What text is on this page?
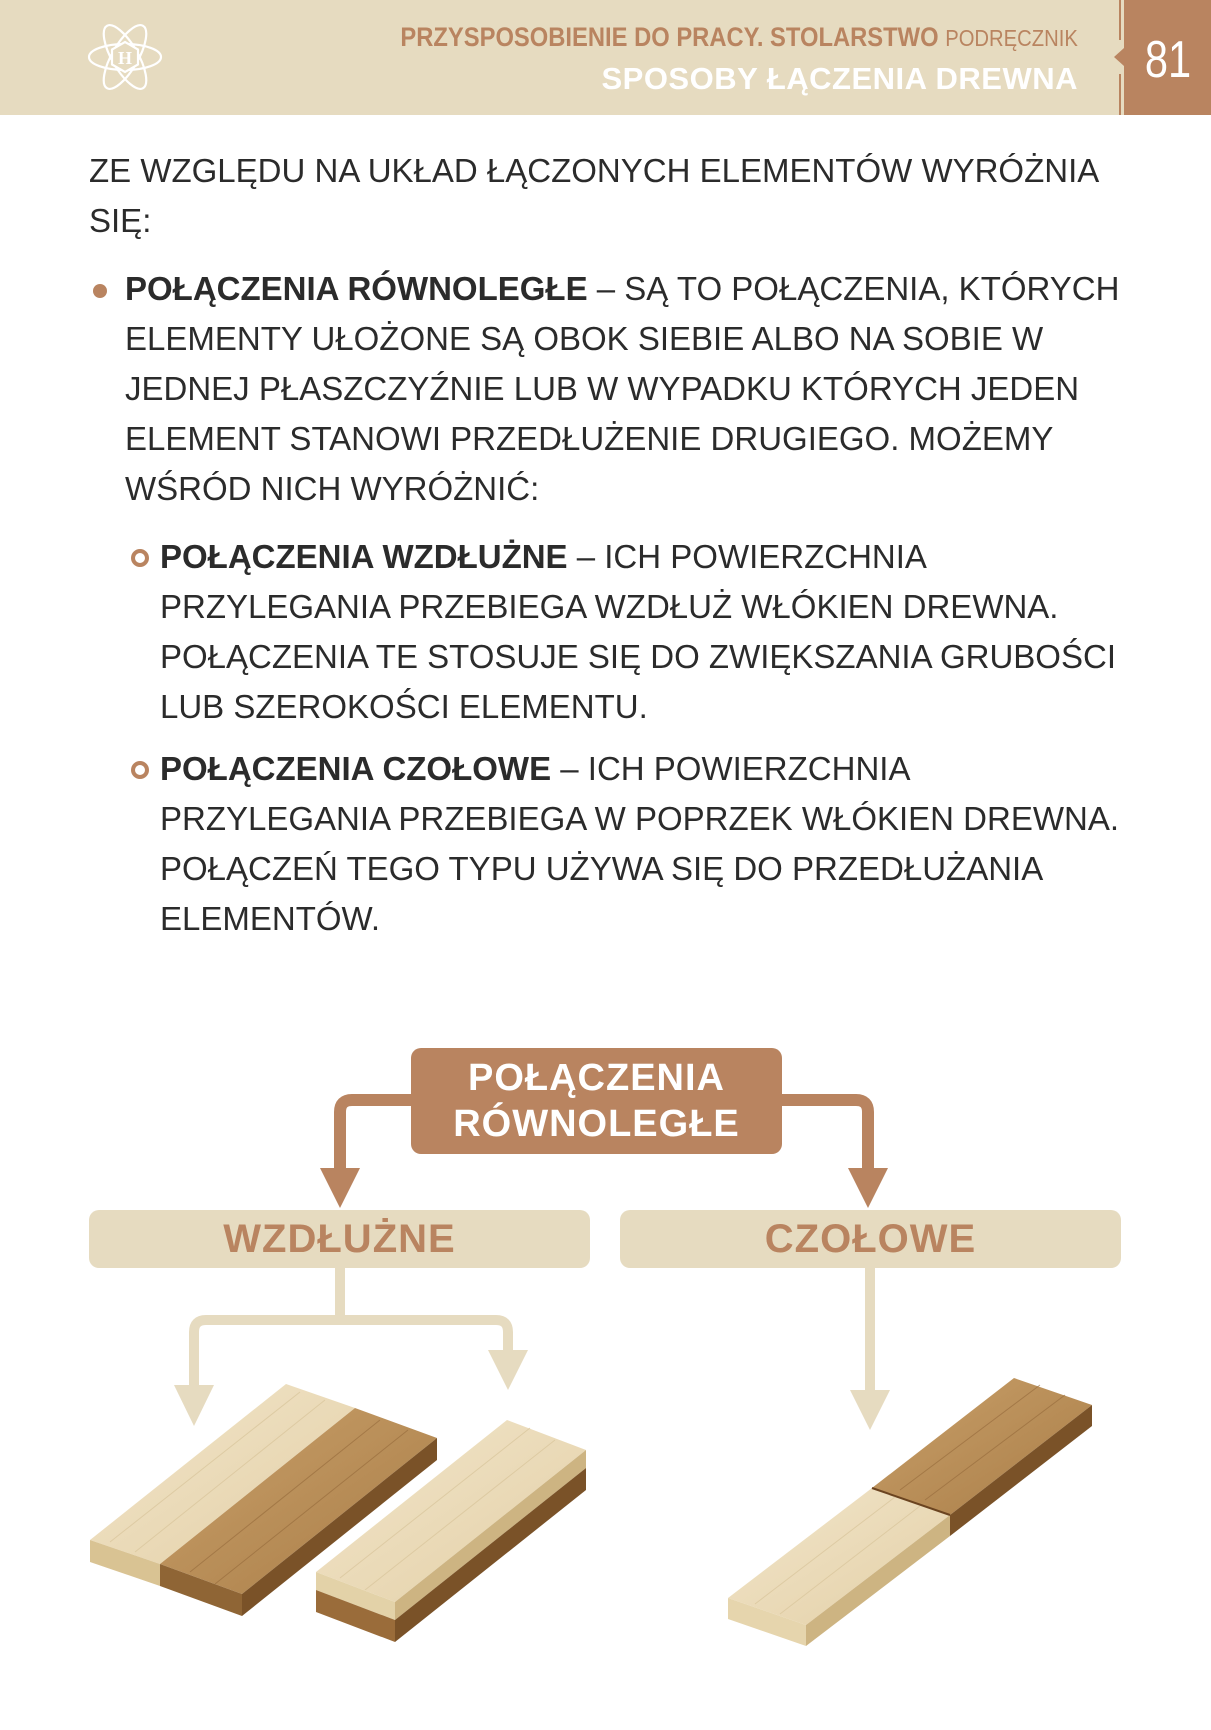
H
PRZYSPOSOBIENIE DO PRACY. STOLARSTWO PODRĘCZNIK
SPOSOBY ŁĄCZENIA DREWNA 81

ZE WZGLĘDU NA UKŁAD ŁĄCZONYCH ELEMENTÓW WYRÓŻNIA SIĘ:

POŁĄCZENIA RÓWNOLEGŁE – SĄ TO POŁĄCZENIA, KTÓRYCH ELEMENTY UŁOŻONE SĄ OBOK SIEBIE ALBO NA SOBIE W JEDNEJ PŁASZCZYŹNIE LUB W WYPADKU KTÓRYCH JEDEN ELEMENT STANOWI PRZEDŁUŻENIE DRUGIEGO. MOŻEMY WŚRÓD NICH WYRÓŻNIĆ:
POŁĄCZENIA WZDŁUŻNE – ICH POWIERZCHNIA PRZYLEGANIA PRZEBIEGA WZDŁUŻ WŁÓKIEN DREWNA. POŁĄCZENIA TE STOSUJE SIĘ DO ZWIĘKSZANIA GRUBOŚCI LUB SZEROKOŚCI ELEMENTU.
POŁĄCZENIA CZOŁOWE – ICH POWIERZCHNIA PRZYLEGANIA PRZEBIEGA W POPRZEK WŁÓKIEN DREWNA. POŁĄCZEŃ TEGO TYPU UŻYWA SIĘ DO PRZEDŁUŻANIA ELEMENTÓW.
POŁĄCZENIA
RÓWNOLEGŁE
WZDŁUŻNE	CZOŁOWE
